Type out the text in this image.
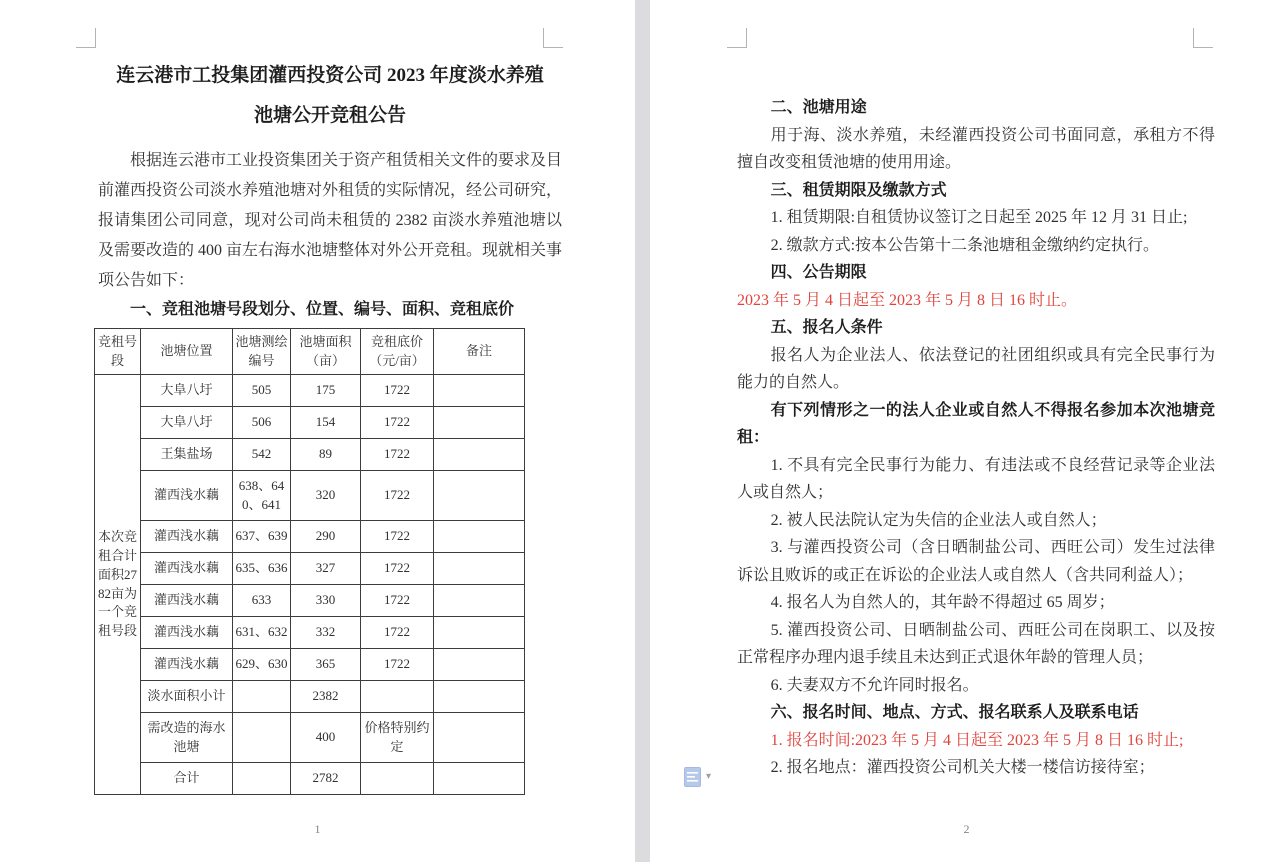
连云港市工投集团灌西投资公司 2023 年度淡水养殖
池塘公开竞租公告

根据连云港市工业投资集团关于资产租赁相关文件的要求及目前灌西投资公司淡水养殖池塘对外租赁的实际情况，经公司研究，报请集团公司同意，现对公司尚未租赁的 2382 亩淡水养殖池塘以及需要改造的 400 亩左右海水池塘整体对外公开竞租。现就相关事项公告如下：

一、竞租池塘号段划分、位置、编号、面积、竞租底价
竞租号段	池塘位置	池塘测绘编号	池塘面积（亩）	竞租底价（元/亩）	备注
本次竞租合计面积2782亩为一个竞租号段	大阜八圩	505	175	1722	
	大阜八圩	506	154	1722	
	王集盐场	542	89	1722	
	灌西浅水藕	638、640、641	320	1722	
	灌西浅水藕	637、639	290	1722	
	灌西浅水藕	635、636	327	1722	
	灌西浅水藕	633	330	1722	
	灌西浅水藕	631、632	332	1722	
	灌西浅水藕	629、630	365	1722	
	淡水面积小计		2382		
	需改造的海水池塘		400	价格特别约定	
	合计		2782		

二、池塘用途

用于海、淡水养殖，未经灌西投资公司书面同意，承租方不得擅自改变租赁池塘的使用用途。

三、租赁期限及缴款方式

1. 租赁期限:自租赁协议签订之日起至 2025 年 12 月 31 日止;

2. 缴款方式:按本公告第十二条池塘租金缴纳约定执行。

四、公告期限

2023 年 5 月 4 日起至 2023 年 5 月 8 日 16 时止。

五、报名人条件

报名人为企业法人、依法登记的社团组织或具有完全民事行为能力的自然人。

有下列情形之一的法人企业或自然人不得报名参加本次池塘竞租：

1. 不具有完全民事行为能力、有违法或不良经营记录等企业法人或自然人；

2. 被人民法院认定为失信的企业法人或自然人；

3. 与灌西投资公司（含日晒制盐公司、西旺公司）发生过法律诉讼且败诉的或正在诉讼的企业法人或自然人（含共同利益人）；

4. 报名人为自然人的，其年龄不得超过 65 周岁；

5. 灌西投资公司、日晒制盐公司、西旺公司在岗职工、以及按正常程序办理内退手续且未达到正式退休年龄的管理人员；

6. 夫妻双方不允许同时报名。

六、报名时间、地点、方式、报名联系人及联系电话

1. 报名时间:2023 年 5 月 4 日起至 2023 年 5 月 8 日 16 时止;

2. 报名地点：灌西投资公司机关大楼一楼信访接待室；

1	2
▾
